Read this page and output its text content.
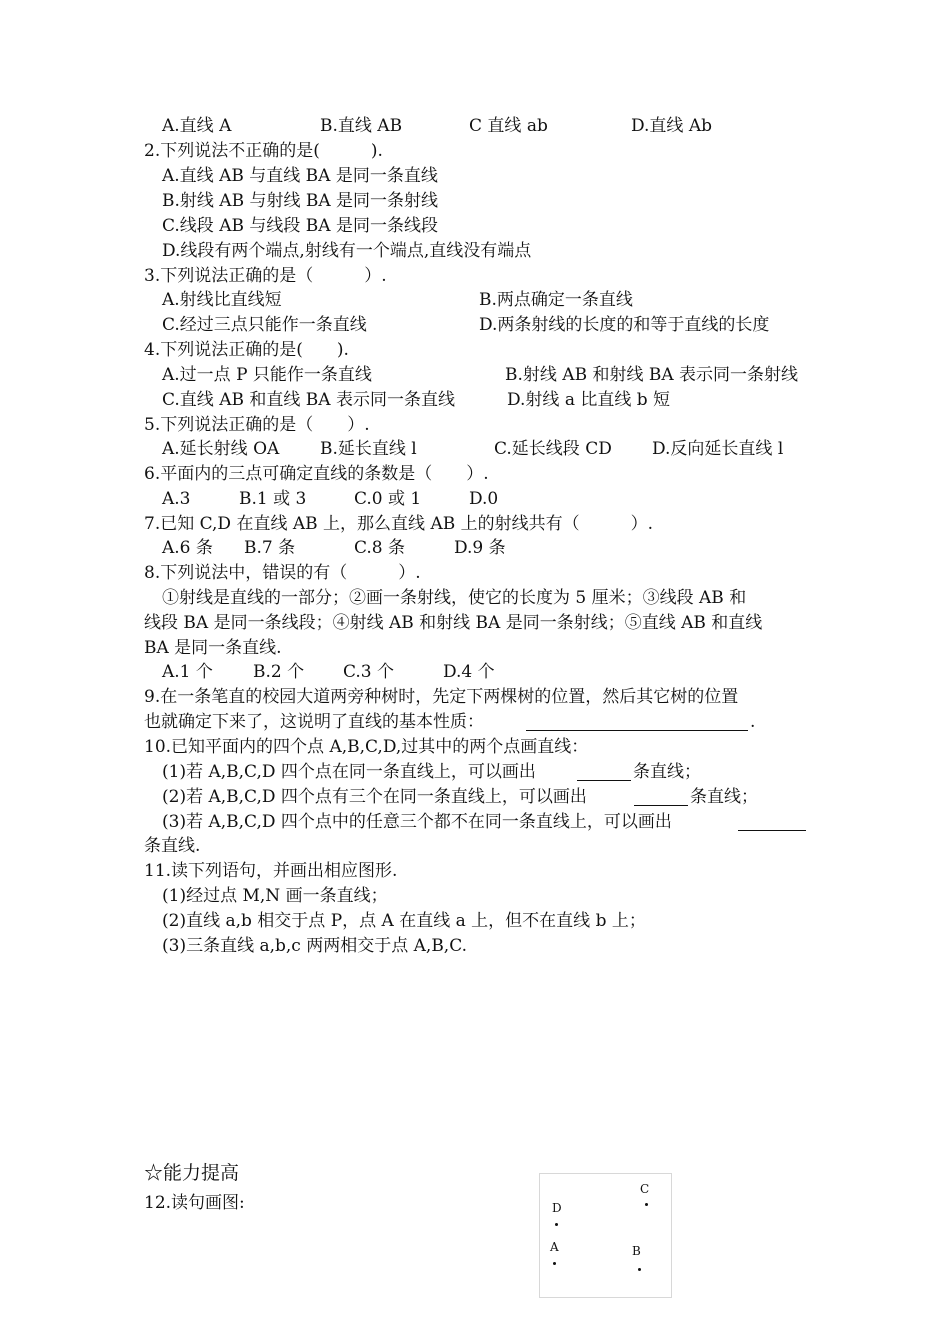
A.直线 A	B.直线 AB	C 直线 ab	D.直线 Ab
2.下列说法不正确的是(　　　).
A.直线 AB 与直线 BA 是同一条直线
B.射线 AB 与射线 BA 是同一条射线
C.线段 AB 与线段 BA 是同一条线段
D.线段有两个端点,射线有一个端点,直线没有端点
3.下列说法正确的是（　　　）.
A.射线比直线短	B.两点确定一条直线
C.经过三点只能作一条直线	D.两条射线的长度的和等于直线的长度
4.下列说法正确的是(　　).
A.过一点 P 只能作一条直线	B.射线 AB 和射线 BA 表示同一条射线
C.直线 AB 和直线 BA 表示同一条直线	D.射线 a 比直线 b 短
5.下列说法正确的是（　　）.
A.延长射线 OA B.延长直线 l	C.延长线段 CD D.反向延长直线 l
6.平面内的三点可确定直线的条数是（　　）.
A.3	B.1 或 3	C.0 或 1	D.0
7.已知 C,D 在直线 AB 上，那么直线 AB 上的射线共有（　　　）.
A.6 条 B.7 条	C.8 条	D.9 条
8.下列说法中，错误的有（　　　）.
①射线是直线的一部分；②画一条射线，使它的长度为 5 厘米；③线段 AB 和
线段 BA 是同一条线段；④射线 AB 和射线 BA 是同一条射线；⑤直线 AB 和直线
BA 是同一条直线.
A.1 个 B.2 个 C.3 个	D.4 个
9.在一条笔直的校园大道两旁种树时，先定下两棵树的位置，然后其它树的位置
也就确定下来了，这说明了直线的基本性质：	.
10.已知平面内的四个点 A,B,C,D,过其中的两个点画直线：
(1)若 A,B,C,D 四个点在同一条直线上，可以画出	条直线；
(2)若 A,B,C,D 四个点有三个在同一条直线上，可以画出	条直线；
(3)若 A,B,C,D 四个点中的任意三个都不在同一条直线上，可以画出
条直线.
11.读下列语句，并画出相应图形.
(1)经过点 M,N 画一条直线；
(2)直线 a,b 相交于点 P，点 A 在直线 a 上，但不在直线 b 上；
(3)三条直线 a,b,c 两两相交于点 A,B,C.
☆能力提高
12.读句画图:
C
D
A	B
